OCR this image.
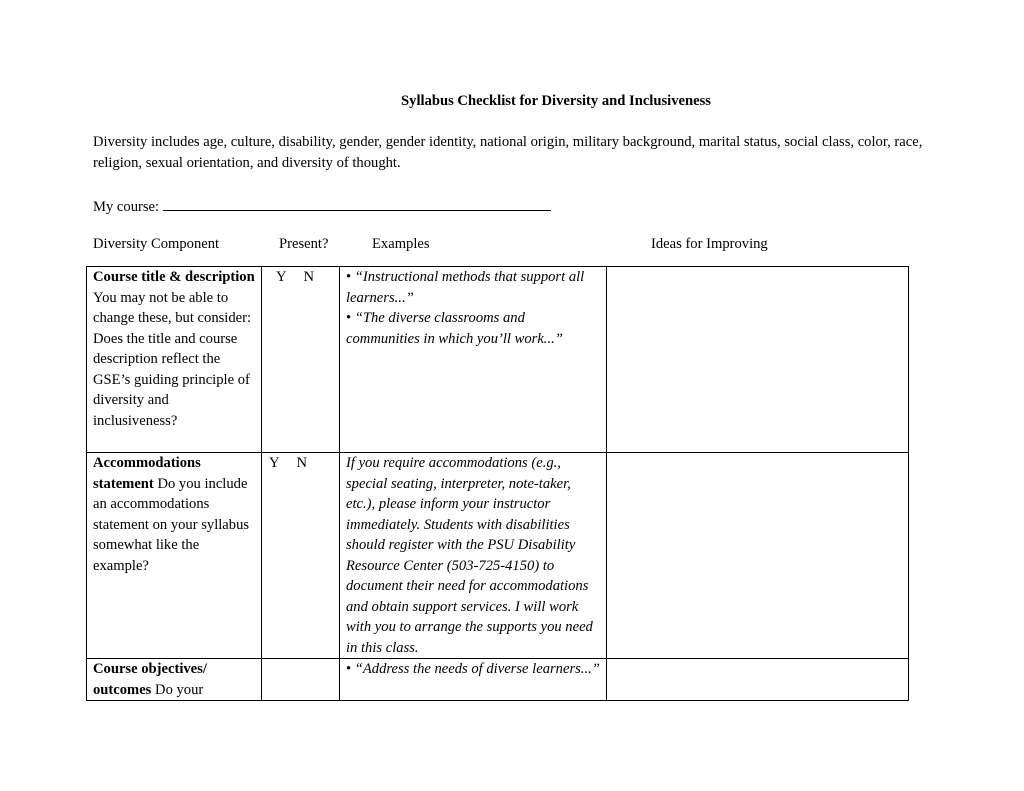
Syllabus Checklist for Diversity and Inclusiveness
Diversity includes age, culture, disability, gender, gender identity, national origin, military background, marital status, social class, color, race, religion, sexual orientation, and diversity of thought.
My course:
Diversity Component	Present?	Examples	Ideas for Improving
Course title & description You may not be able to change these, but consider: Does the title and course description reflect the GSE’s guiding principle of diversity and inclusiveness?	Y N	• “Instructional methods that support all learners...”
• “The diverse classrooms and communities in which you’ll work...”	

Accommodations statement Do you include an accommodations statement on your syllabus somewhat like the example?	Y N	If you require accommodations (e.g., special seating, interpreter, note-taker, etc.), please inform your instructor immediately. Students with disabilities should register with the PSU Disability Resource Center (503-725-4150) to document their need for accommodations and obtain support services. I will work with you to arrange the supports you need in this class.	
Course objectives/ outcomes Do your		• “Address the needs of diverse learners...”	
